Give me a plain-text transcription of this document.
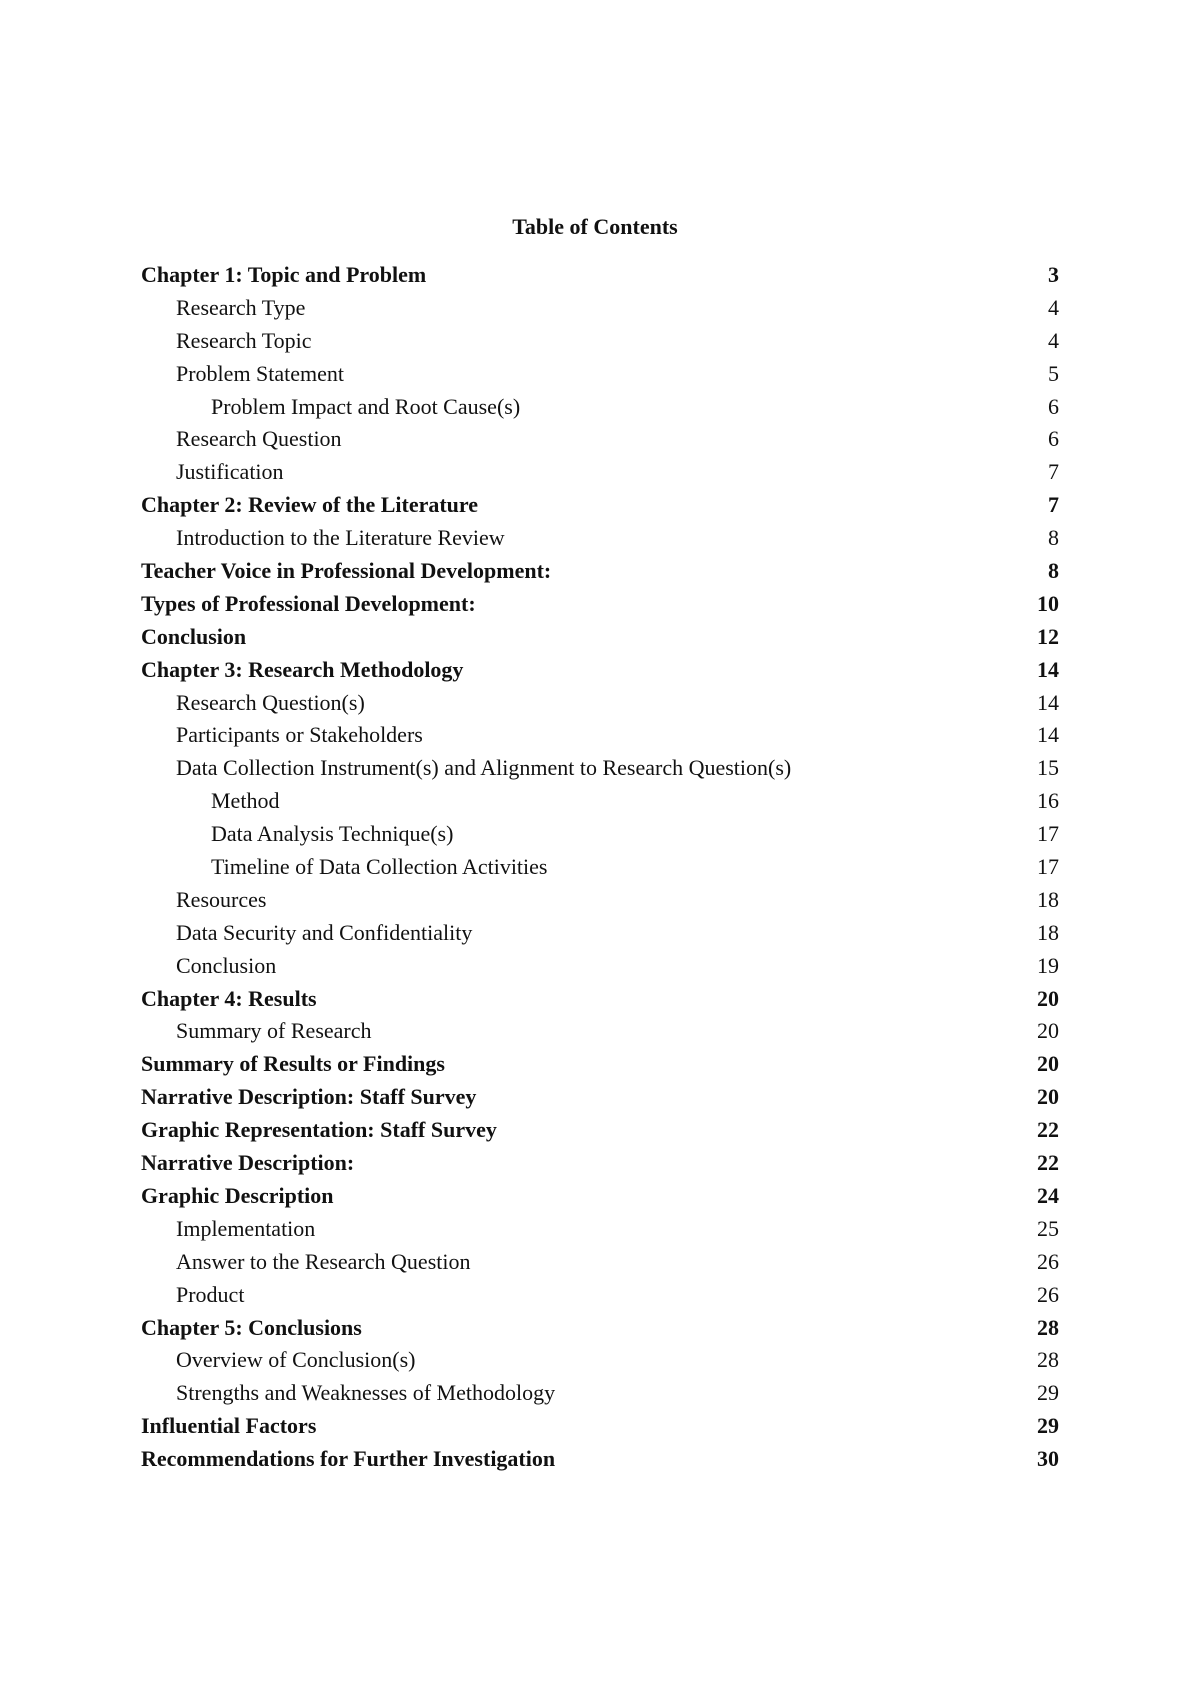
Table of Contents
Chapter 1: Topic and Problem	3
Research Type	4
Research Topic	4
Problem Statement	5
Problem Impact and Root Cause(s)	6
Research Question	6
Justification	7
Chapter 2: Review of the Literature	7
Introduction to the Literature Review	8
Teacher Voice in Professional Development:	8
Types of Professional Development:	10
Conclusion	12
Chapter 3: Research Methodology	14
Research Question(s)	14
Participants or Stakeholders	14
Data Collection Instrument(s) and Alignment to Research Question(s)	15
Method	16
Data Analysis Technique(s)	17
Timeline of Data Collection Activities	17
Resources	18
Data Security and Confidentiality	18
Conclusion	19
Chapter 4: Results	20
Summary of Research	20
Summary of Results or Findings	20
Narrative Description: Staff Survey	20
Graphic Representation: Staff Survey	22
Narrative Description:	22
Graphic Description	24
Implementation	25
Answer to the Research Question	26
Product	26
Chapter 5: Conclusions	28
Overview of Conclusion(s)	28
Strengths and Weaknesses of Methodology	29
Influential Factors	29
Recommendations for Further Investigation	30
